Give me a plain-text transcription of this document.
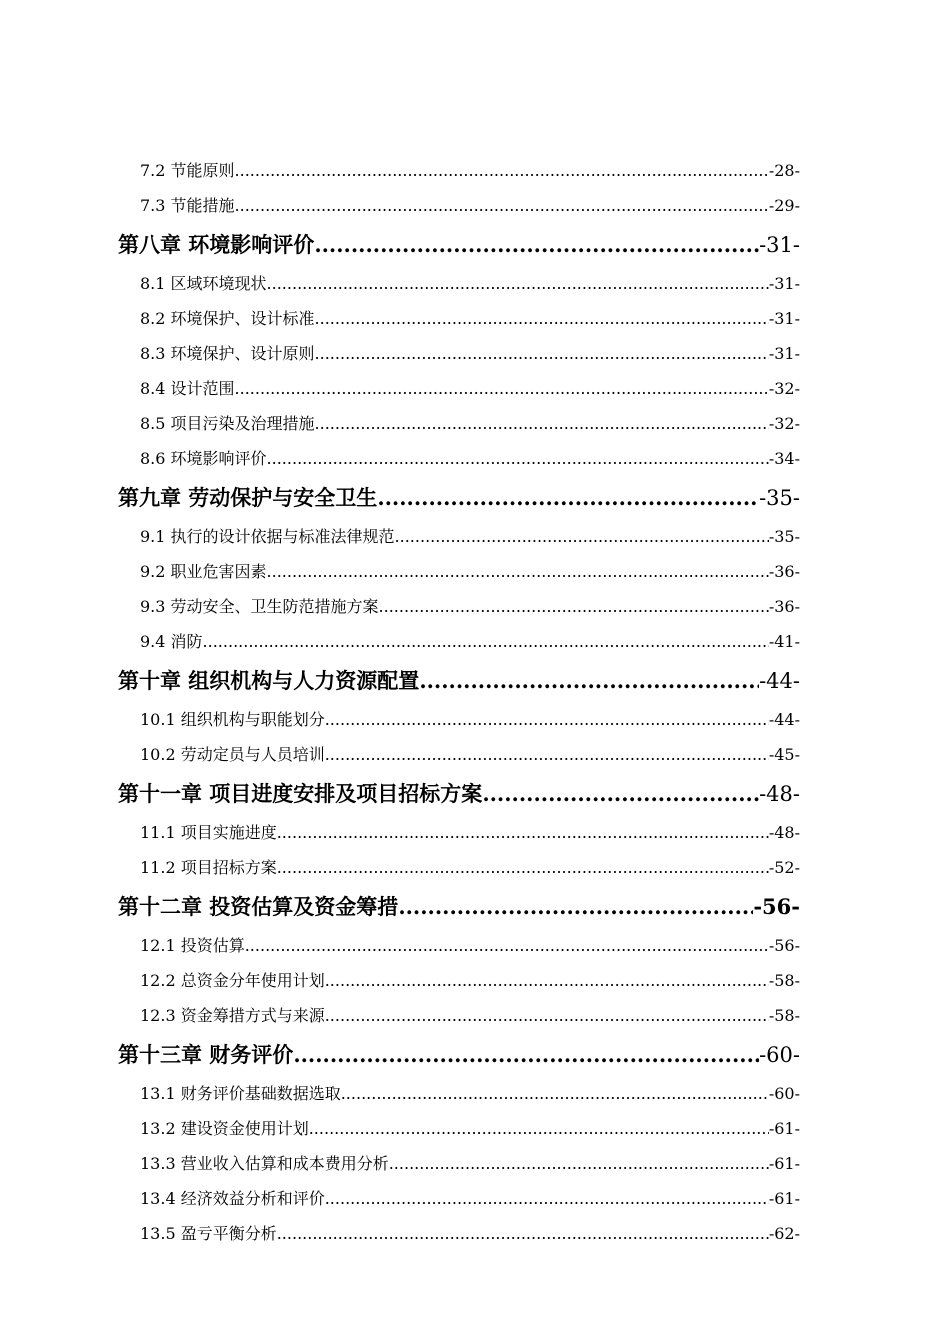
7.2 节能原则 .....	-28-
7.3 节能措施 .....	-29-
第八章 环境影响评价 .....	-31-
8.1 区域环境现状 .....	-31-
8.2 环境保护、设计标准 .....	-31-
8.3 环境保护、设计原则 .....	-31-
8.4 设计范围 .....	-32-
8.5 项目污染及治理措施 .....	-32-
8.6 环境影响评价 .....	-34-
第九章 劳动保护与安全卫生 .....	-35-
9.1 执行的设计依据与标准法律规范 .....	-35-
9.2 职业危害因素 .....	-36-
9.3 劳动安全、卫生防范措施方案 .....	-36-
9.4 消防 .....	-41-
第十章 组织机构与人力资源配置 .....	-44-
10.1 组织机构与职能划分 .....	-44-
10.2 劳动定员与人员培训 .....	-45-
第十一章 项目进度安排及项目招标方案 .....	-48-
11.1 项目实施进度 .....	-48-
11.2 项目招标方案 .....	-52-
第十二章 投资估算及资金筹措 .....	-56-
12.1 投资估算 .....	-56-
12.2 总资金分年使用计划 .....	-58-
12.3 资金筹措方式与来源 .....	-58-
第十三章 财务评价 .....	-60-
13.1 财务评价基础数据选取 .....	-60-
13.2 建设资金使用计划 .....	-61-
13.3 营业收入估算和成本费用分析 .....	-61-
13.4 经济效益分析和评价 .....	-61-
13.5 盈亏平衡分析 .....	-62-
